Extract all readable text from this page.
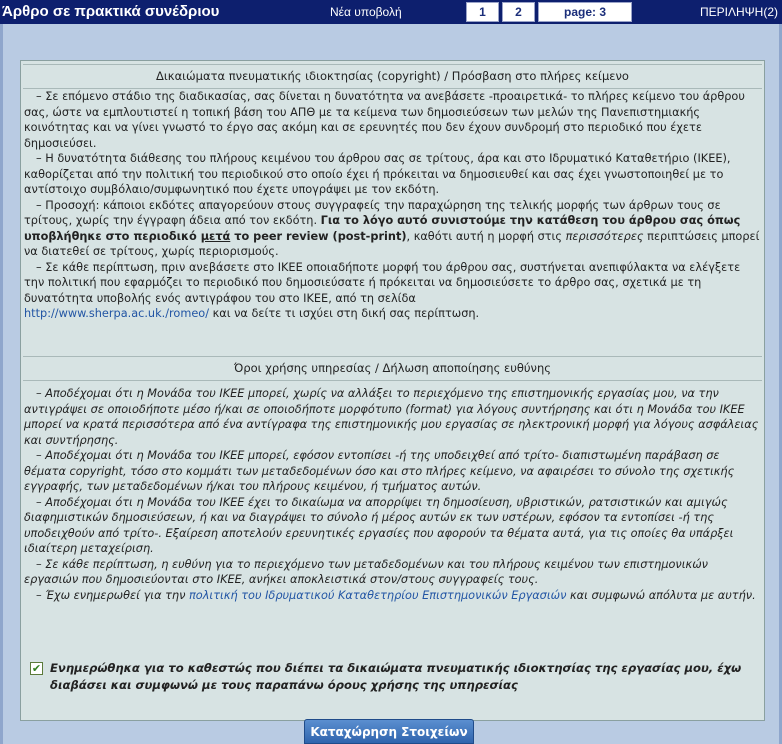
Άρθρο σε πρακτικά συνέδριου	Νέα υποβολή	1	2	page: 3	ΠΕΡΙΛΗΨΗ(2)
Δικαιώματα πνευματικής ιδιοκτησίας (copyright) / Πρόσβαση στο πλήρες κείμενο

– Σε επόμενο στάδιο της διαδικασίας, σας δίνεται η δυνατότητα να ανεβάσετε -προαιρετικά- το πλήρες κείμενο του άρθρου σας, ώστε να εμπλουτιστεί η τοπική βάση του ΑΠΘ με τα κείμενα των δημοσιεύσεων των μελών της Πανεπιστημιακής κοινότητας και να γίνει γνωστό το έργο σας ακόμη και σε ερευνητές που δεν έχουν συνδρομή στο περιοδικό που έχετε δημοσιεύσει.

– Η δυνατότητα διάθεσης του πλήρους κειμένου του άρθρου σας σε τρίτους, άρα και στο Ιδρυματικό Καταθετήριο (ΙΚΕΕ), καθορίζεται από την πολιτική του περιοδικού στο οποίο έχει ή πρόκειται να δημοσιευθεί και σας έχει γνωστοποιηθεί με το αντίστοιχο συμβόλαιο/συμφωνητικό που έχετε υπογράψει με τον εκδότη.

– Προσοχή: κάποιοι εκδότες απαγορεύουν στους συγγραφείς την παραχώρηση της τελικής μορφής των άρθρων τους σε τρίτους, χωρίς την έγγραφη άδεια από τον εκδότη. Για το λόγο αυτό συνιστούμε την κατάθεση του άρθρου σας όπως υποβλήθηκε στο περιοδικό μετά το peer review (post-print), καθότι αυτή η μορφή στις περισσότερες περιπτώσεις μπορεί να διατεθεί σε τρίτους, χωρίς περιορισμούς.

– Σε κάθε περίπτωση, πριν ανεβάσετε στο ΙΚΕΕ οποιαδήποτε μορφή του άρθρου σας, συστήνεται ανεπιφύλακτα να ελέγξετε την πολιτική που εφαρμόζει το περιοδικό που δημοσιεύσατε ή πρόκειται να δημοσιεύσετε το άρθρο σας, σχετικά με τη δυνατότητα υποβολής ενός αντιγράφου του στο ΙΚΕΕ, από τη σελίδα
http://www.sherpa.ac.uk./romeo/ και να δείτε τι ισχύει στη δική σας περίπτωση.

Όροι χρήσης υπηρεσίας / Δήλωση αποποίησης ευθύνης

– Αποδέχομαι ότι η Μονάδα του ΙΚΕΕ μπορεί, χωρίς να αλλάξει το περιεχόμενο της επιστημονικής εργασίας μου, να την αντιγράψει σε οποιοδήποτε μέσο ή/και σε οποιοδήποτε μορφότυπο (format) για λόγους συντήρησης και ότι η Μονάδα του ΙΚΕΕ μπορεί να κρατά περισσότερα από ένα αντίγραφα της επιστημονικής μου εργασίας σε ηλεκτρονική μορφή για λόγους ασφάλειας και συντήρησης.

– Αποδέχομαι ότι η Μονάδα του ΙΚΕΕ μπορεί, εφόσον εντοπίσει -ή της υποδειχθεί από τρίτο- διαπιστωμένη παράβαση σε θέματα copyright, τόσο στο κομμάτι των μεταδεδομένων όσο και στο πλήρες κείμενο, να αφαιρέσει το σύνολο της σχετικής εγγραφής, των μεταδεδομένων ή/και του πλήρους κειμένου, ή τμήματος αυτών.

– Αποδέχομαι ότι η Μονάδα του ΙΚΕΕ έχει το δικαίωμα να απορρίψει τη δημοσίευση, υβριστικών, ρατσιστικών και αμιγώς διαφημιστικών δημοσιεύσεων, ή και να διαγράψει το σύνολο ή μέρος αυτών εκ των υστέρων, εφόσον τα εντοπίσει -ή της υποδειχθούν από τρίτο-. Εξαίρεση αποτελούν ερευνητικές εργασίες που αφορούν τα θέματα αυτά, για τις οποίες θα υπάρξει ιδιαίτερη μεταχείριση.

– Σε κάθε περίπτωση, η ευθύνη για το περιεχόμενο των μεταδεδομένων και του πλήρους κειμένου των επιστημονικών εργασιών που δημοσιεύονται στο ΙΚΕΕ, ανήκει αποκλειστικά στον/στους συγγραφείς τους.

– Έχω ενημερωθεί για την πολιτική του Ιδρυματικού Καταθετηρίου Επιστημονικών Εργασιών και συμφωνώ απόλυτα με αυτήν.

✔ Ενημερώθηκα για το καθεστώς που διέπει τα δικαιώματα πνευματικής ιδιοκτησίας της εργασίας μου, έχω διαβάσει και συμφωνώ με τους παραπάνω όρους χρήσης της υπηρεσίας
Καταχώρηση Στοιχείων
